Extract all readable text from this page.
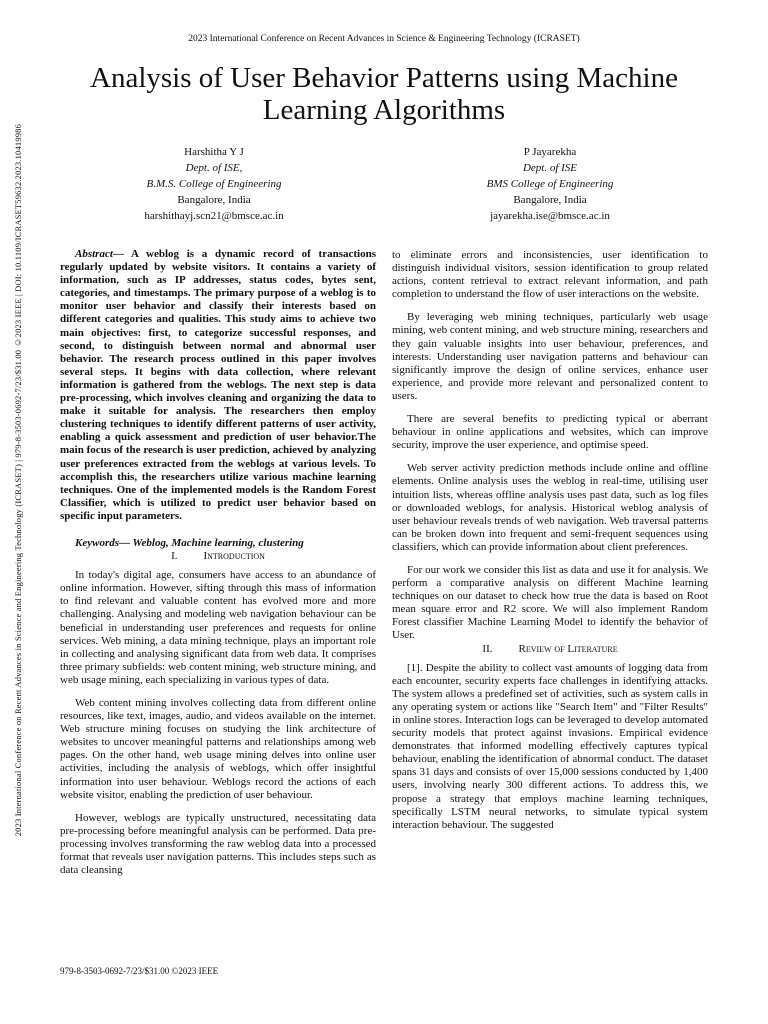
2023 International Conference on Recent Advances in Science & Engineering Technology (ICRASET)
2023 International Conference on Recent Advances in Science and Engineering Technology (ICRASET) | 979-8-3503-0692-7/23/$31.00 ©2023 IEEE | DOI: 10.1109/ICRASET59632.2023.10419986
Analysis of User Behavior Patterns using Machine Learning Algorithms
Harshitha Y J
Dept. of ISE,
B.M.S. College of Engineering
Bangalore, India
harshithayj.scn21@bmsce.ac.in
P Jayarekha
Dept. of ISE
BMS College of Engineering
Bangalore, India
jayarekha.ise@bmsce.ac.in

Abstract— A weblog is a dynamic record of transactions regularly updated by website visitors. It contains a variety of information, such as IP addresses, status codes, bytes sent, categories, and timestamps. The primary purpose of a weblog is to monitor user behavior and classify their interests based on different categories and qualities. This study aims to achieve two main objectives: first, to categorize successful responses, and second, to distinguish between normal and abnormal user behavior. The research process outlined in this paper involves several steps. It begins with data collection, where relevant information is gathered from the weblogs. The next step is data pre-processing, which involves cleaning and organizing the data to make it suitable for analysis. The researchers then employ clustering techniques to identify different patterns of user activity, enabling a quick assessment and prediction of user behavior.The main focus of the research is user prediction, achieved by analyzing user preferences extracted from the weblogs at various levels. To accomplish this, the researchers utilize various machine learning techniques. One of the implemented models is the Random Forest Classifier, which is utilized to predict user behavior based on specific input parameters.

Keywords— Weblog, Machine learning, clustering

I. Introduction

In today's digital age, consumers have access to an abundance of online information. However, sifting through this mass of information to find relevant and valuable content has evolved more and more challenging. Analysing and modeling web navigation behaviour can be beneficial in understanding user preferences and requests for online services. Web mining, a data mining technique, plays an important role in collecting and analysing significant data from web data. It comprises three primary subfields: web content mining, web structure mining, and web usage mining, each specializing in various types of data.

Web content mining involves collecting data from different online resources, like text, images, audio, and videos available on the internet. Web structure mining focuses on studying the link architecture of websites to uncover meaningful patterns and relationships among web pages. On the other hand, web usage mining delves into online user activities, including the analysis of weblogs, which offer insightful information into user behaviour. Weblogs record the actions of each website visitor, enabling the prediction of user behaviour.

However, weblogs are typically unstructured, necessitating data pre-processing before meaningful analysis can be performed. Data pre-processing involves transforming the raw weblog data into a processed format that reveals user navigation patterns. This includes steps such as data cleansing

to eliminate errors and inconsistencies, user identification to distinguish individual visitors, session identification to group related actions, content retrieval to extract relevant information, and path completion to understand the flow of user interactions on the website.

By leveraging web mining techniques, particularly web usage mining, web content mining, and web structure mining, researchers and they gain valuable insights into user behaviour, preferences, and interests. Understanding user navigation patterns and behaviour can significantly improve the design of online services, enhance user experience, and provide more relevant and personalized content to users.

There are several benefits to predicting typical or aberrant behaviour in online applications and websites, which can improve security, improve the user experience, and optimise speed.

Web server activity prediction methods include online and offline elements. Online analysis uses the weblog in real-time, utilising user intuition lists, whereas offline analysis uses past data, such as log files or downloaded weblogs, for analysis. Historical weblog analysis of user behaviour reveals trends of web navigation. Web traversal patterns can be broken down into frequent and semi-frequent sequences using classifiers, which can provide information about client preferences.

For our work we consider this list as data and use it for analysis. We perform a comparative analysis on different Machine learning techniques on our dataset to check how true the data is based on Root mean square error and R2 score. We will also implement Random Forest classifier Machine Learning Model to identify the behavior of User.

II. Review of Literature

[1]. Despite the ability to collect vast amounts of logging data from each encounter, security experts face challenges in identifying attacks. The system allows a predefined set of activities, such as system calls in any operating system or actions like "Search Item" and "Filter Results" in online stores. Interaction logs can be leveraged to develop automated security models that protect against invasions. Empirical evidence demonstrates that informed modelling effectively captures typical behaviour, enabling the identification of abnormal conduct. The dataset spans 31 days and consists of over 15,000 sessions conducted by 1,400 users, involving nearly 300 different actions. To address this, we propose a strategy that employs machine learning techniques, specifically LSTM neural networks, to simulate typical system interaction behaviour. The suggested

979-8-3503-0692-7/23/$31.00 ©2023 IEEE
